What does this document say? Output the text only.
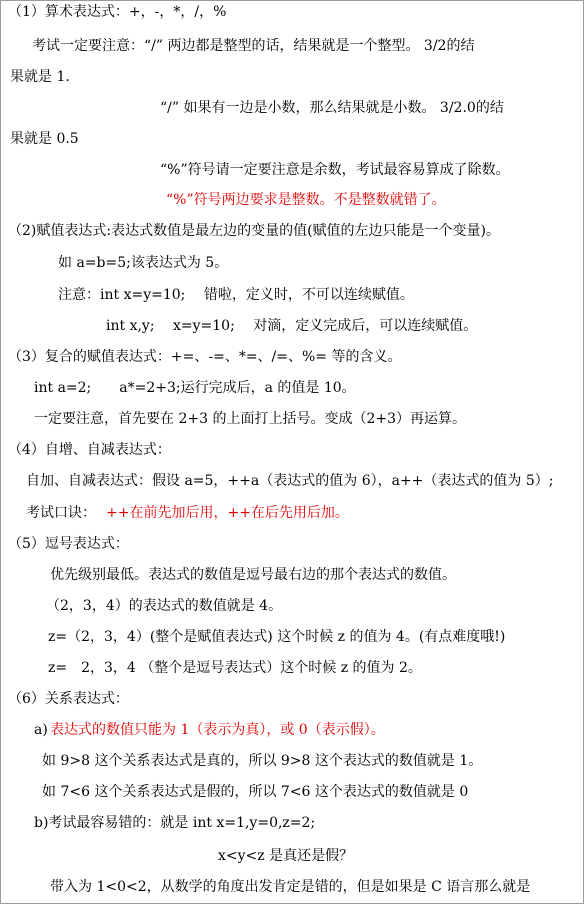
（1）算术表达式：+，-，*，/，%
考试一定要注意：“/” 两边都是整型的话，结果就是一个整型。 3/2的结
果就是 1.
“/” 如果有一边是小数，那么结果就是小数。 3/2.0的结
果就是 0.5
“%”符号请一定要注意是余数，考试最容易算成了除数。
“%”符号两边要求是整数。不是整数就错了。
（2)赋值表达式:表达式数值是最左边的变量的值(赋值的左边只能是一个变量)。
如 a=b=5;该表达式为 5。
注意：int x=y=10;　 错啦，定义时，不可以连续赋值。
int x,y;　 x=y=10;　 对滴，定义完成后，可以连续赋值。
（3）复合的赋值表达式：+=、-=、*=、/=、%= 等的含义。
int a=2;　　a*=2+3;运行完成后，a 的值是 10。
一定要注意，首先要在 2+3 的上面打上括号。变成（2+3）再运算。
（4）自增、自减表达式：
自加、自减表达式：假设 a=5，++a（表达式的值为 6），a++（表达式的值为 5）;
考试口诀： ++在前先加后用，++在后先用后加。
（5）逗号表达式：
优先级别最低。表达式的数值是逗号最右边的那个表达式的数值。
（2，3，4）的表达式的数值就是 4。
z=（2，3，4）(整个是赋值表达式) 这个时候 z 的值为 4。(有点难度哦!)
z=　2，3，4 （整个是逗号表达式）这个时候 z 的值为 2。
（6）关系表达式：
a) 表达式的数值只能为 1（表示为真），或 0（表示假）。
如 9>8 这个关系表达式是真的，所以 9>8 这个表达式的数值就是 1。
如 7<6 这个关系表达式是假的，所以 7<6 这个表达式的数值就是 0
b)考试最容易错的：就是 int x=1,y=0,z=2;
x<y<z 是真还是假？
带入为 1<0<2，从数学的角度出发肯定是错的，但是如果是 C 语言那么就是
